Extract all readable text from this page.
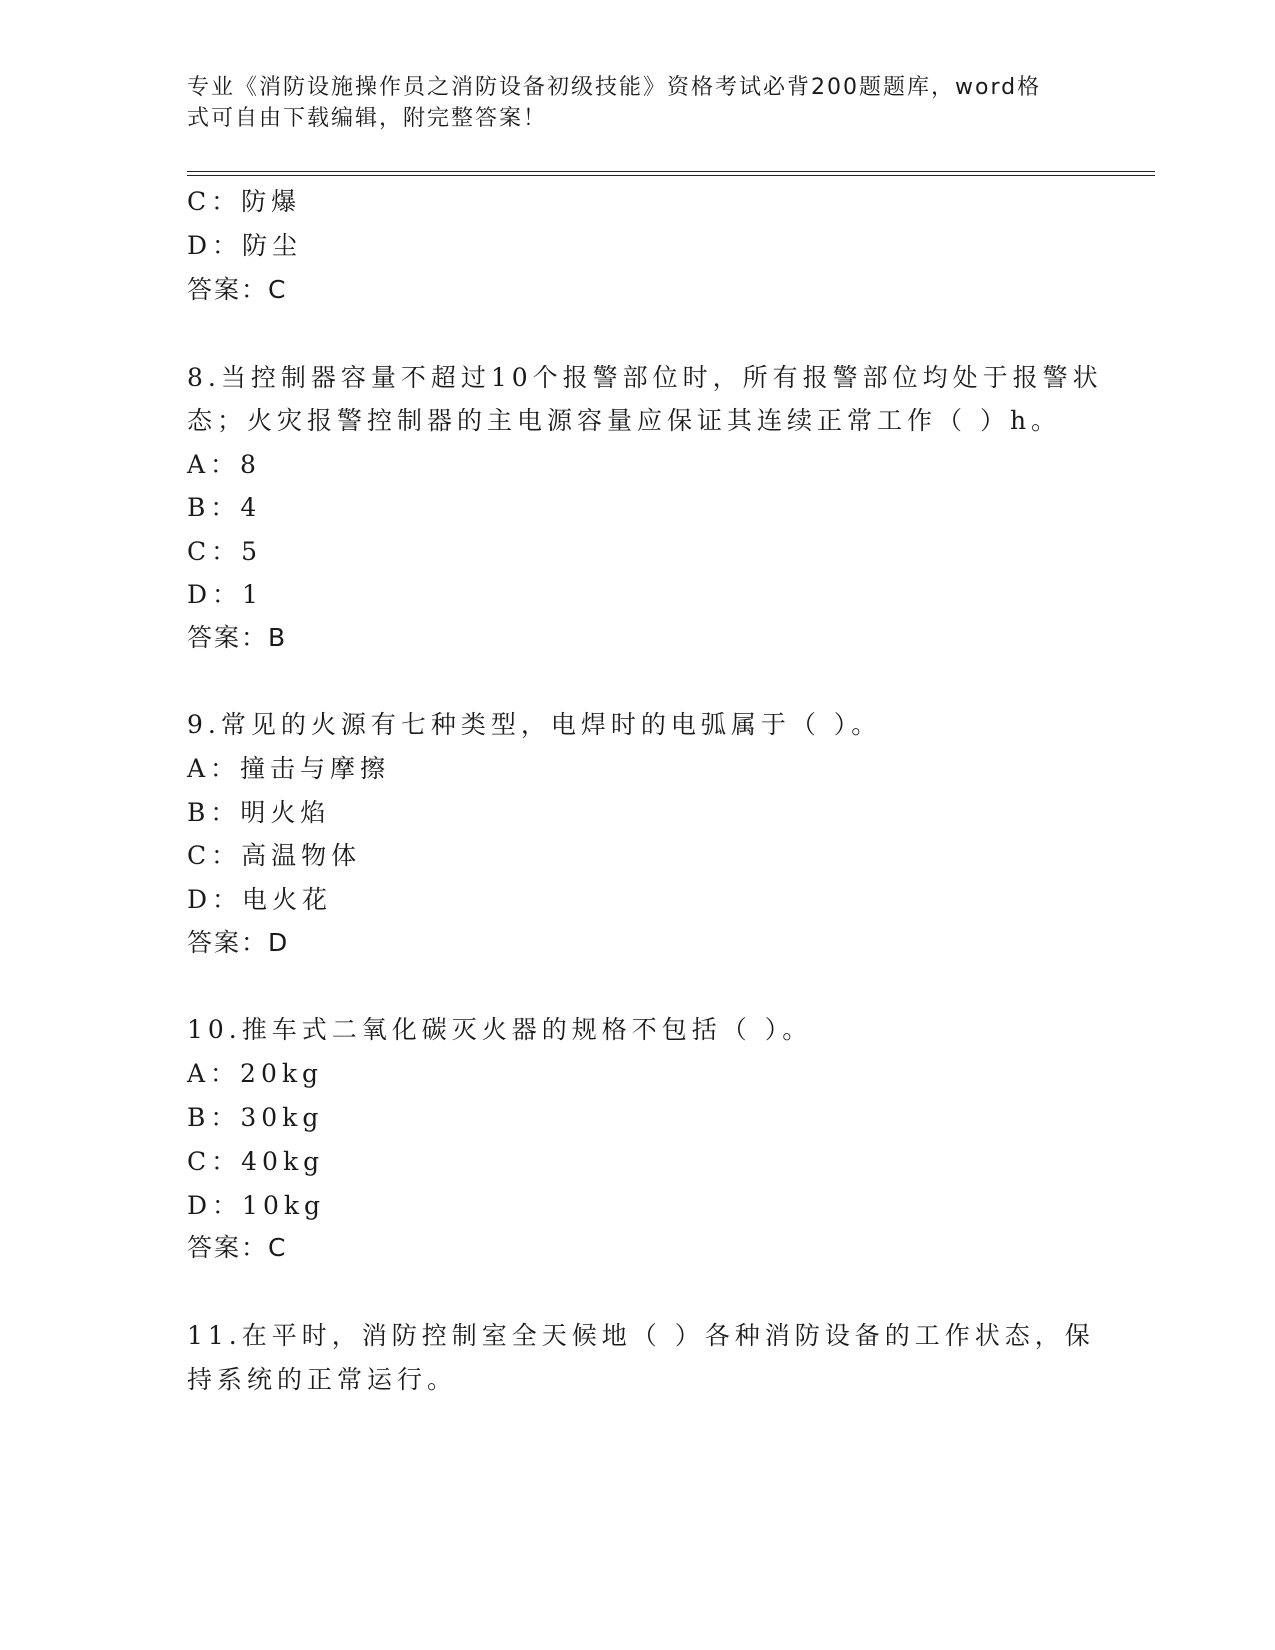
专业《消防设施操作员之消防设备初级技能》资格考试必背200题题库，word格
式可自由下载编辑，附完整答案！
C：防爆
D：防尘
答案：C
8.当控制器容量不超过10个报警部位时，所有报警部位均处于报警状
态；火灾报警控制器的主电源容量应保证其连续正常工作（ ）h。
A：8
B：4
C：5
D：1
答案：B
9.常见的火源有七种类型，电焊时的电弧属于（ ）。
A：撞击与摩擦
B：明火焰
C：高温物体
D：电火花
答案：D
10.推车式二氧化碳灭火器的规格不包括（ ）。
A：20kg
B：30kg
C：40kg
D：10kg
答案：C
11.在平时，消防控制室全天候地（ ）各种消防设备的工作状态，保
持系统的正常运行。
